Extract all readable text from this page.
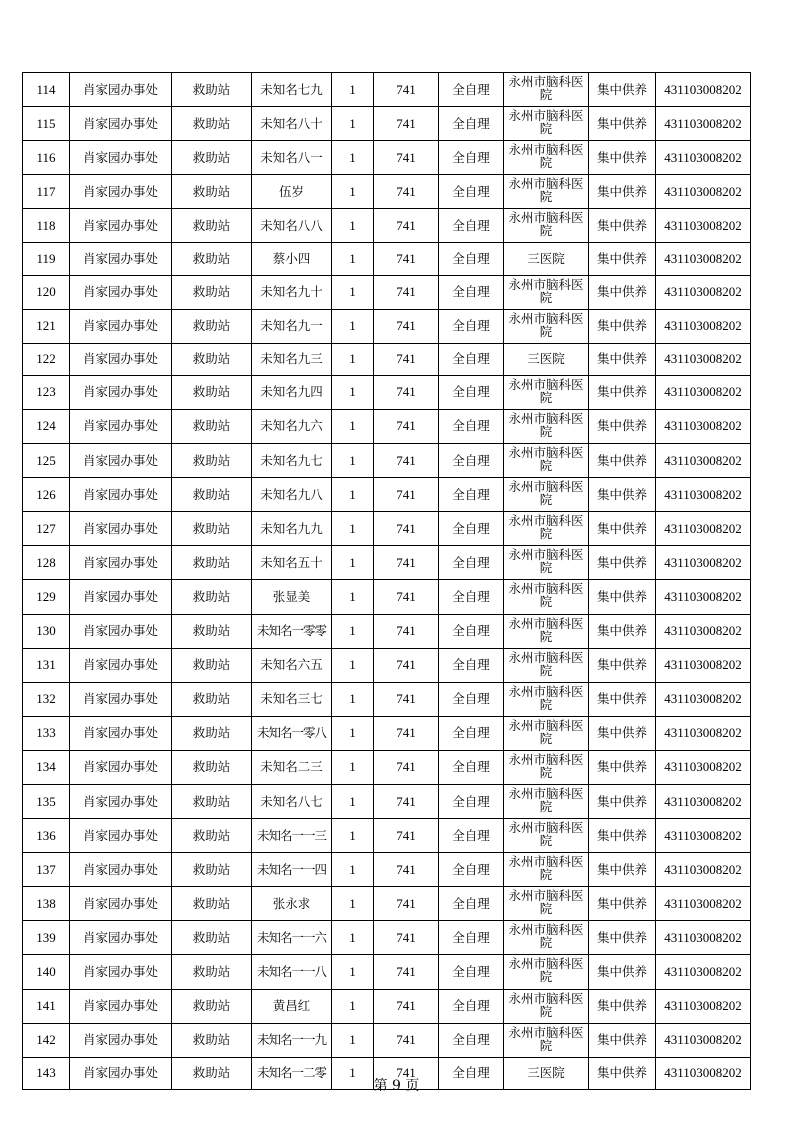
114	肖家园办事处	救助站	未知名七九	1	741	全自理	永州市脑科医院	集中供养	431103008202
115	肖家园办事处	救助站	未知名八十	1	741	全自理	永州市脑科医院	集中供养	431103008202
116	肖家园办事处	救助站	未知名八一	1	741	全自理	永州市脑科医院	集中供养	431103008202
117	肖家园办事处	救助站	伍岁	1	741	全自理	永州市脑科医院	集中供养	431103008202
118	肖家园办事处	救助站	未知名八八	1	741	全自理	永州市脑科医院	集中供养	431103008202
119	肖家园办事处	救助站	蔡小四	1	741	全自理	三医院	集中供养	431103008202
120	肖家园办事处	救助站	未知名九十	1	741	全自理	永州市脑科医院	集中供养	431103008202
121	肖家园办事处	救助站	未知名九一	1	741	全自理	永州市脑科医院	集中供养	431103008202
122	肖家园办事处	救助站	未知名九三	1	741	全自理	三医院	集中供养	431103008202
123	肖家园办事处	救助站	未知名九四	1	741	全自理	永州市脑科医院	集中供养	431103008202
124	肖家园办事处	救助站	未知名九六	1	741	全自理	永州市脑科医院	集中供养	431103008202
125	肖家园办事处	救助站	未知名九七	1	741	全自理	永州市脑科医院	集中供养	431103008202
126	肖家园办事处	救助站	未知名九八	1	741	全自理	永州市脑科医院	集中供养	431103008202
127	肖家园办事处	救助站	未知名九九	1	741	全自理	永州市脑科医院	集中供养	431103008202
128	肖家园办事处	救助站	未知名五十	1	741	全自理	永州市脑科医院	集中供养	431103008202
129	肖家园办事处	救助站	张显美	1	741	全自理	永州市脑科医院	集中供养	431103008202
130	肖家园办事处	救助站	未知名一零零	1	741	全自理	永州市脑科医院	集中供养	431103008202
131	肖家园办事处	救助站	未知名六五	1	741	全自理	永州市脑科医院	集中供养	431103008202
132	肖家园办事处	救助站	未知名三七	1	741	全自理	永州市脑科医院	集中供养	431103008202
133	肖家园办事处	救助站	未知名一零八	1	741	全自理	永州市脑科医院	集中供养	431103008202
134	肖家园办事处	救助站	未知名二三	1	741	全自理	永州市脑科医院	集中供养	431103008202
135	肖家园办事处	救助站	未知名八七	1	741	全自理	永州市脑科医院	集中供养	431103008202
136	肖家园办事处	救助站	未知名一一三	1	741	全自理	永州市脑科医院	集中供养	431103008202
137	肖家园办事处	救助站	未知名一一四	1	741	全自理	永州市脑科医院	集中供养	431103008202
138	肖家园办事处	救助站	张永求	1	741	全自理	永州市脑科医院	集中供养	431103008202
139	肖家园办事处	救助站	未知名一一六	1	741	全自理	永州市脑科医院	集中供养	431103008202
140	肖家园办事处	救助站	未知名一一八	1	741	全自理	永州市脑科医院	集中供养	431103008202
141	肖家园办事处	救助站	黄昌红	1	741	全自理	永州市脑科医院	集中供养	431103008202
142	肖家园办事处	救助站	未知名一一九	1	741	全自理	永州市脑科医院	集中供养	431103008202
143	肖家园办事处	救助站	未知名一二零	1	741	全自理	三医院	集中供养	431103008202
第 9 页
